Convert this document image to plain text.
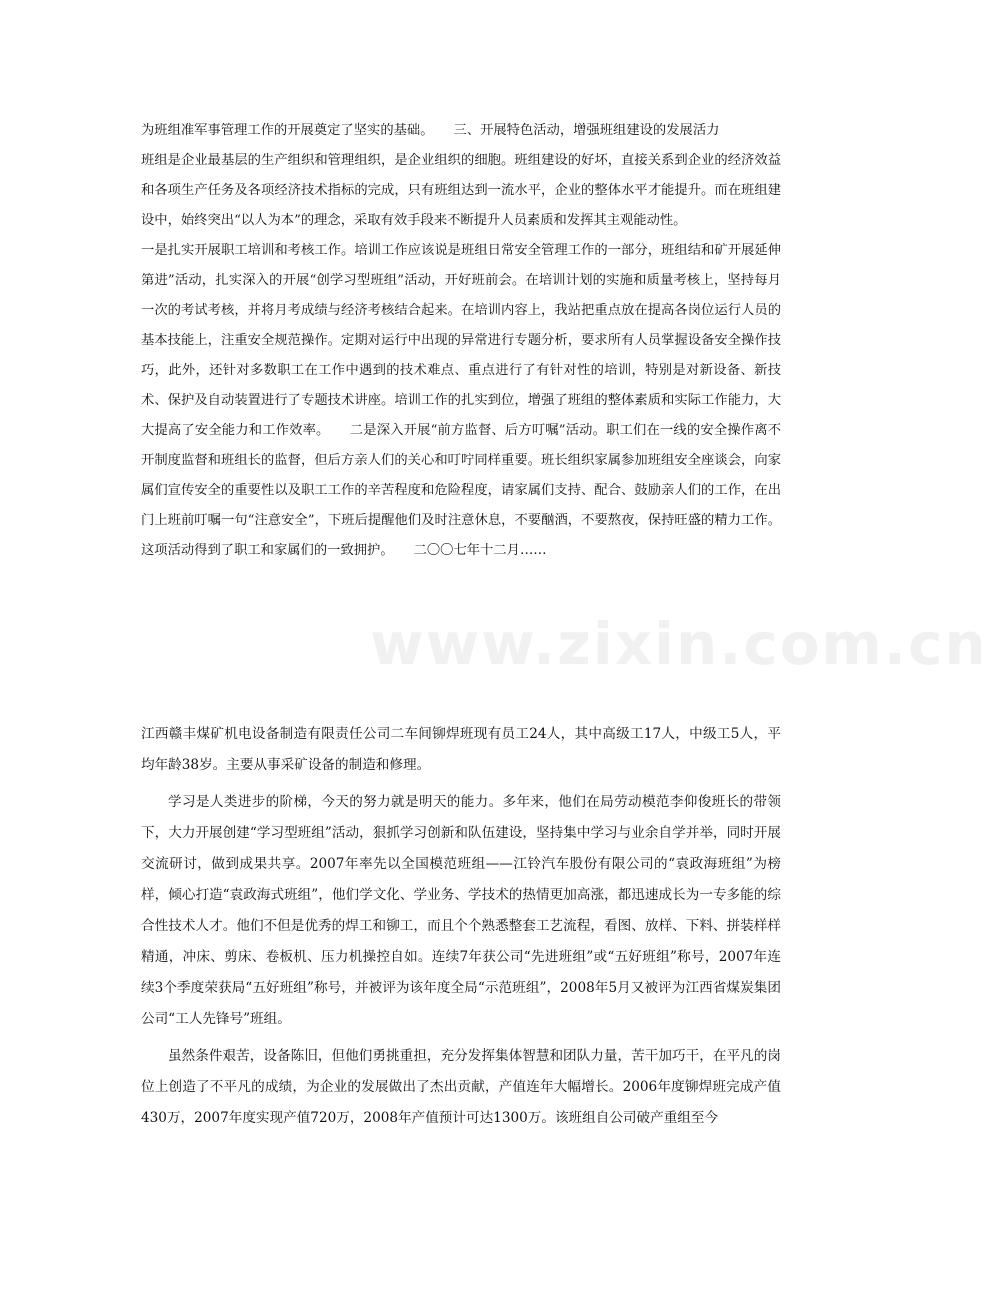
为班组准军事管理工作的开展奠定了坚实的基础。　　三、开展特色活动，增强班组建设的发展活力

班组是企业最基层的生产组织和管理组织，是企业组织的细胞。班组建设的好坏，直接关系到企业的经济效益和各项生产任务及各项经济技术指标的完成，只有班组达到一流水平，企业的整体水平才能提升。而在班组建设中，始终突出“以人为本”的理念，采取有效手段来不断提升人员素质和发挥其主观能动性。

一是扎实开展职工培训和考核工作。培训工作应该说是班组日常安全管理工作的一部分，班组结和矿开展延伸第进”活动，扎实深入的开展“创学习型班组”活动，开好班前会。在培训计划的实施和质量考核上，坚持每月一次的考试考核，并将月考成绩与经济考核结合起来。在培训内容上，我站把重点放在提高各岗位运行人员的基本技能上，注重安全规范操作。定期对运行中出现的异常进行专题分析，要求所有人员掌握设备安全操作技巧，此外，还针对多数职工在工作中遇到的技术难点、重点进行了有针对性的培训，特别是对新设备、新技术、保护及自动装置进行了专题技术讲座。培训工作的扎实到位，增强了班组的整体素质和实际工作能力，大大提高了安全能力和工作效率。　　二是深入开展“前方监督、后方叮嘱”活动。职工们在一线的安全操作离不开制度监督和班组长的监督，但后方亲人们的关心和叮咛同样重要。班长组织家属参加班组安全座谈会，向家属们宣传安全的重要性以及职工工作的辛苦程度和危险程度，请家属们支持、配合、鼓励亲人们的工作，在出门上班前叮嘱一句“注意安全”，下班后提醒他们及时注意休息，不要酗酒，不要熬夜，保持旺盛的精力工作。这项活动得到了职工和家属们的一致拥护。　　二〇〇七年十二月……

www.zixin.com.cn

江西赣丰煤矿机电设备制造有限责任公司二车间铆焊班现有员工24人，其中高级工17人，中级工5人，平均年龄38岁。主要从事采矿设备的制造和修理。

学习是人类进步的阶梯，今天的努力就是明天的能力。多年来，他们在局劳动模范李仰俊班长的带领下，大力开展创建“学习型班组”活动，狠抓学习创新和队伍建设，坚持集中学习与业余自学并举，同时开展交流研讨，做到成果共享。2007年率先以全国模范班组——江铃汽车股份有限公司的“袁政海班组”为榜样，倾心打造“袁政海式班组”，他们学文化、学业务、学技术的热情更加高涨，都迅速成长为一专多能的综合性技术人才。他们不但是优秀的焊工和铆工，而且个个熟悉整套工艺流程，看图、放样、下料、拼装样样精通，冲床、剪床、卷板机、压力机操控自如。连续7年获公司“先进班组”或“五好班组”称号，2007年连续3个季度荣获局“五好班组”称号，并被评为该年度全局“示范班组”，2008年5月又被评为江西省煤炭集团公司“工人先锋号”班组。

虽然条件艰苦，设备陈旧，但他们勇挑重担，充分发挥集体智慧和团队力量，苦干加巧干，在平凡的岗位上创造了不平凡的成绩，为企业的发展做出了杰出贡献，产值连年大幅增长。2006年度铆焊班完成产值430万，2007年度实现产值720万，2008年产值预计可达1300万。该班组自公司破产重组至今
